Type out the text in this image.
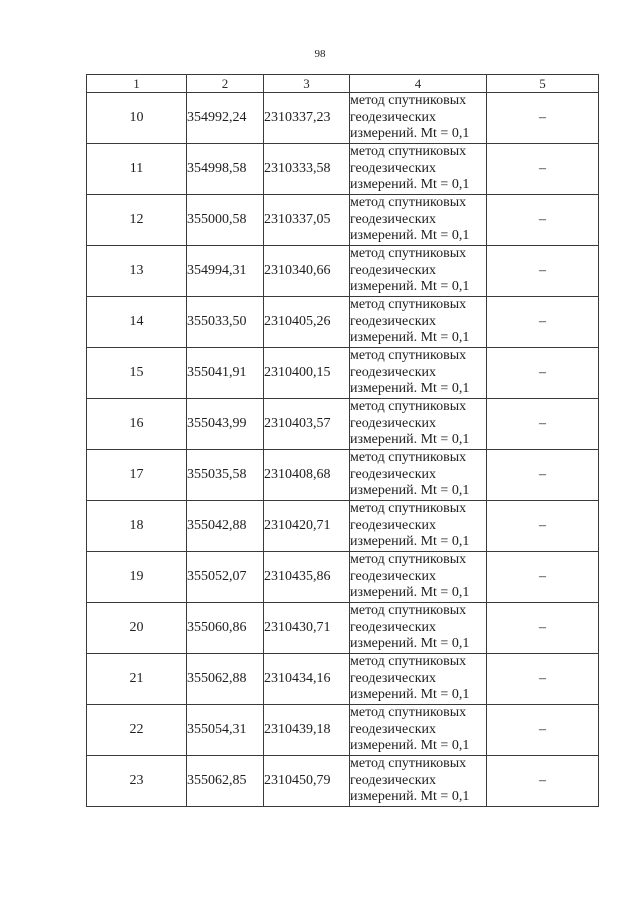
98
1	2	3	4	5
10	354992,24	2310337,23	метод спутниковых
геодезических
измерений. Mt = 0,1	–
11	354998,58	2310333,58	метод спутниковых
геодезических
измерений. Mt = 0,1	–
12	355000,58	2310337,05	метод спутниковых
геодезических
измерений. Mt = 0,1	–
13	354994,31	2310340,66	метод спутниковых
геодезических
измерений. Mt = 0,1	–
14	355033,50	2310405,26	метод спутниковых
геодезических
измерений. Mt = 0,1	–
15	355041,91	2310400,15	метод спутниковых
геодезических
измерений. Mt = 0,1	–
16	355043,99	2310403,57	метод спутниковых
геодезических
измерений. Mt = 0,1	–
17	355035,58	2310408,68	метод спутниковых
геодезических
измерений. Mt = 0,1	–
18	355042,88	2310420,71	метод спутниковых
геодезических
измерений. Mt = 0,1	–
19	355052,07	2310435,86	метод спутниковых
геодезических
измерений. Mt = 0,1	–
20	355060,86	2310430,71	метод спутниковых
геодезических
измерений. Mt = 0,1	–
21	355062,88	2310434,16	метод спутниковых
геодезических
измерений. Mt = 0,1	–
22	355054,31	2310439,18	метод спутниковых
геодезических
измерений. Mt = 0,1	–
23	355062,85	2310450,79	метод спутниковых
геодезических
измерений. Mt = 0,1	–
